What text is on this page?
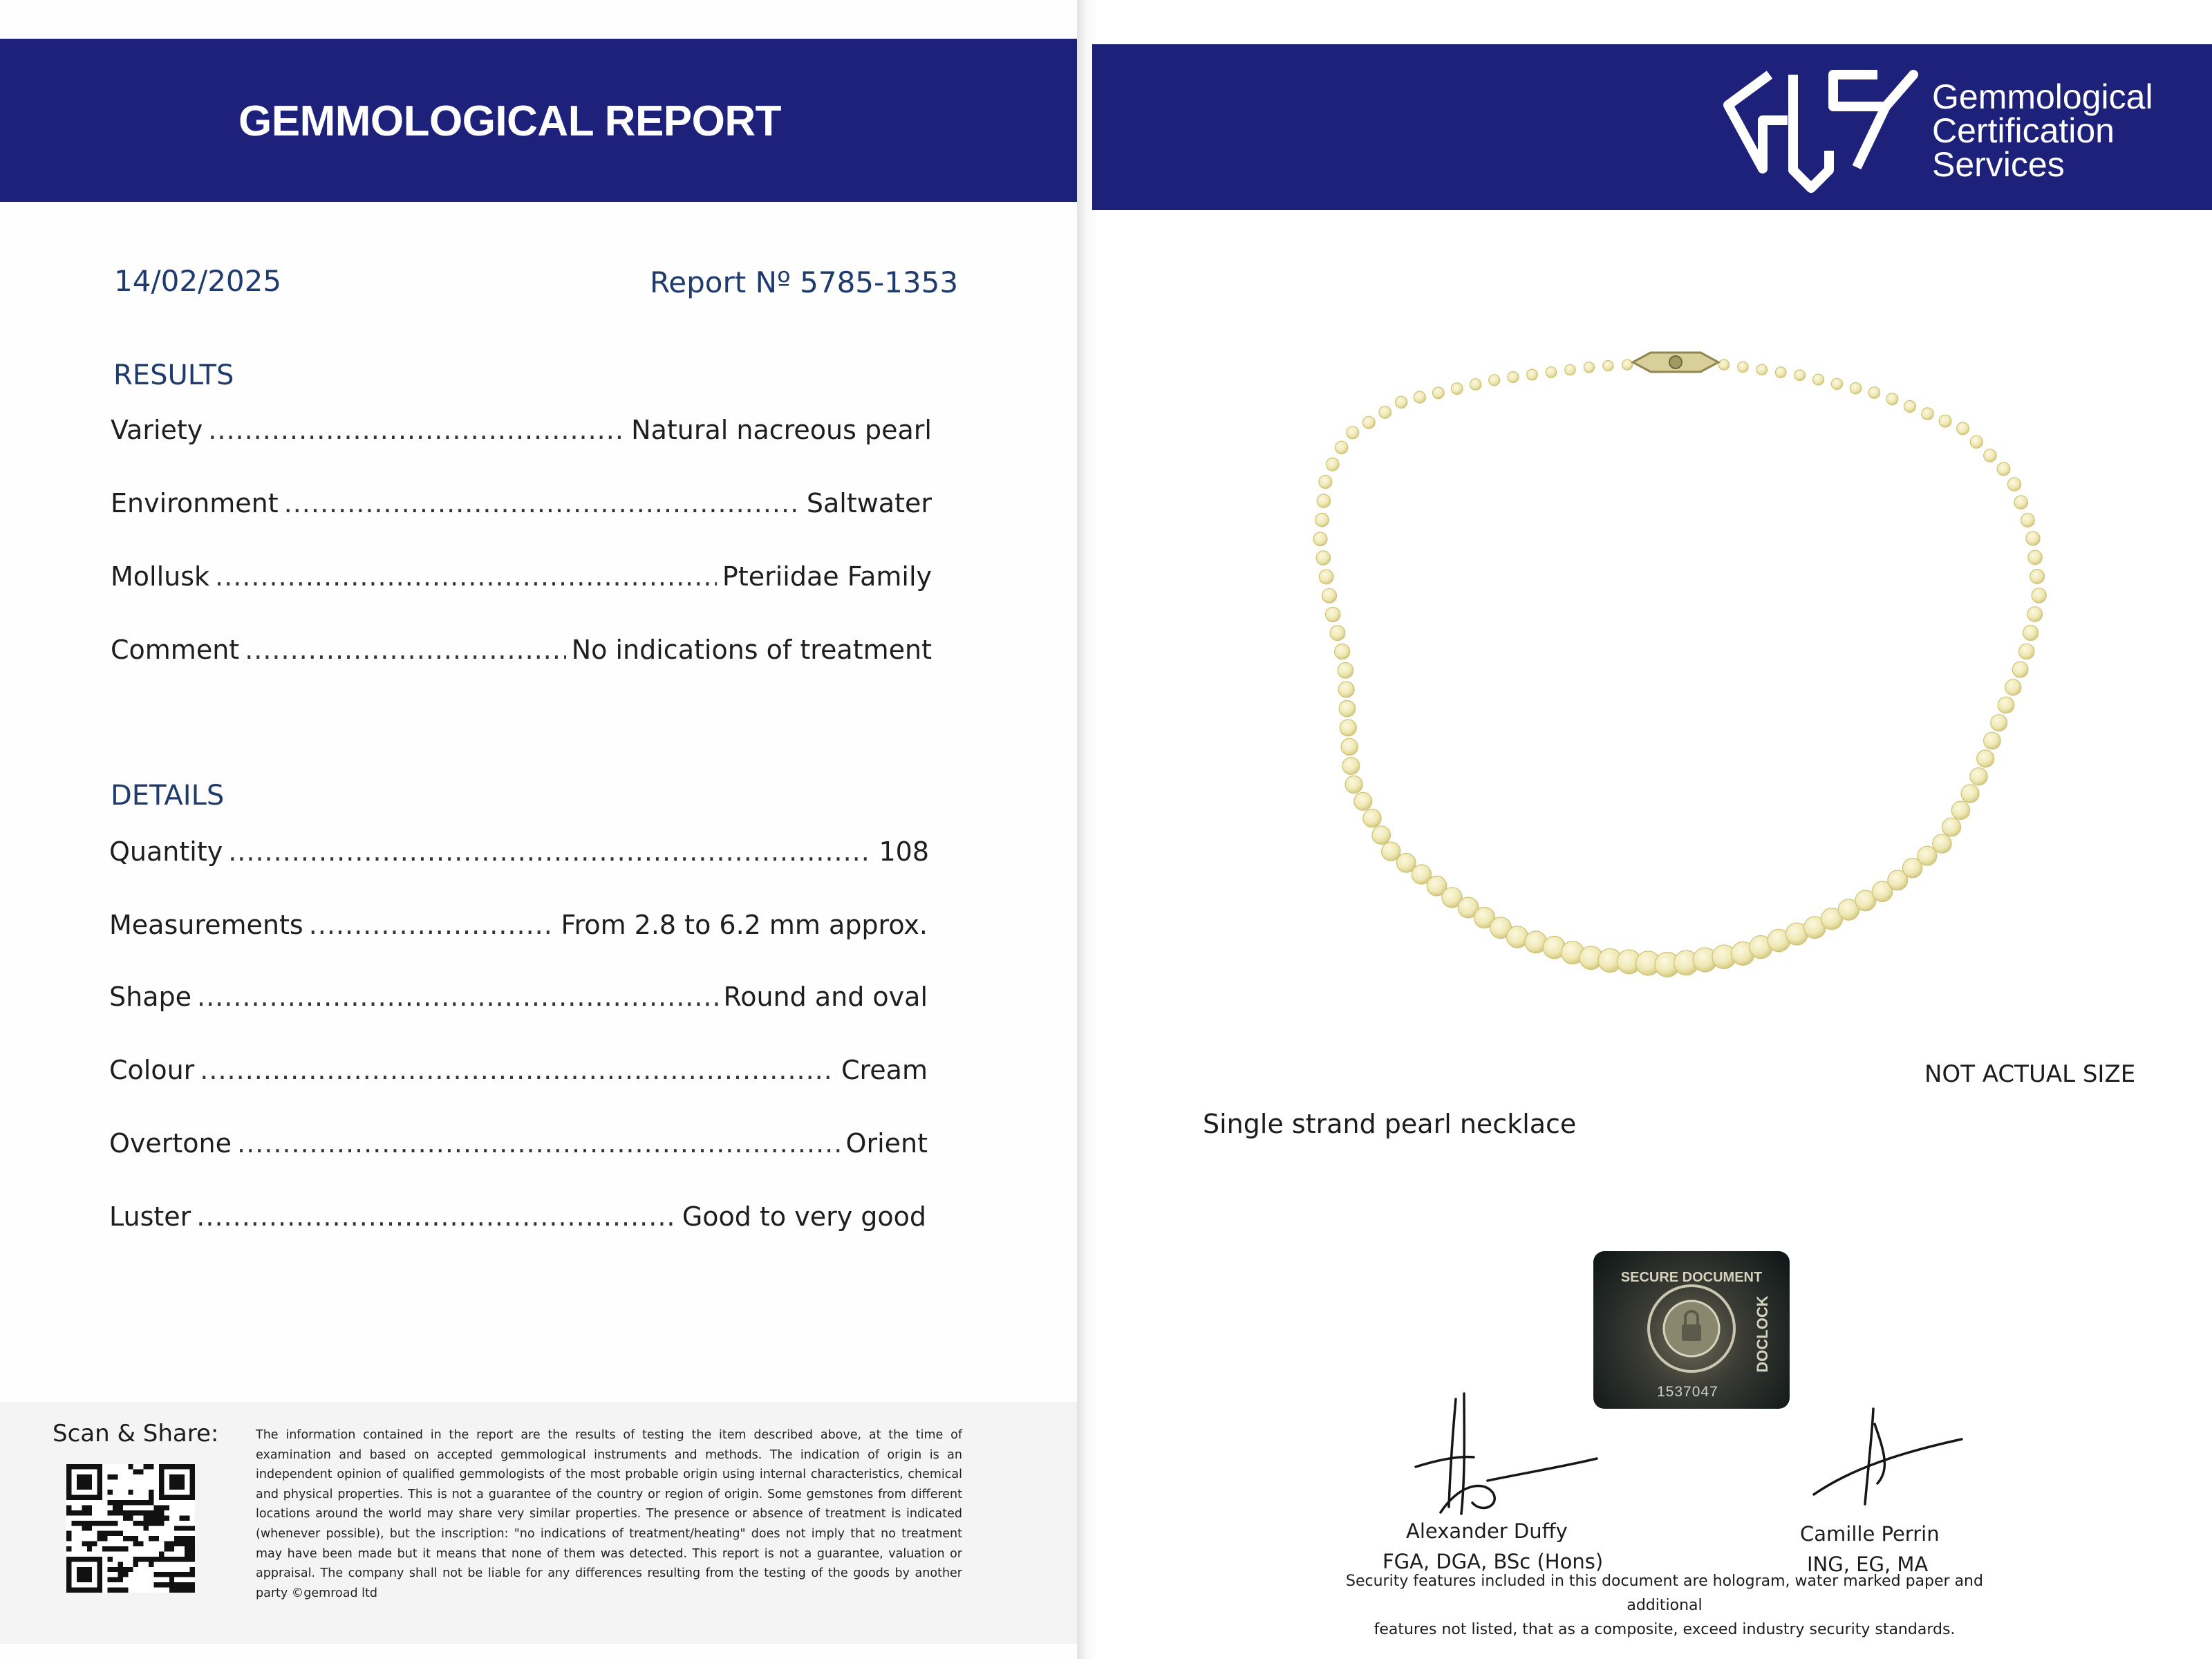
GEMMOLOGICAL REPORT
14/02/2025	Report Nº 5785-1353
RESULTS
Variety .....	Natural nacreous pearl
Environment .....	Saltwater
Mollusk .....	Pteriidae Family
Comment .....	No indications of treatment
DETAILS
Quantity .....	108
Measurements .....	From 2.8 to 6.2 mm approx.
Shape .....	Round and oval
Colour .....	Cream
Overtone .....	Orient
Luster .....	Good to very good
Scan & Share:	The information contained in the report are the results of testing the item described above, at the time of examination and based on accepted gemmological instruments and methods. The indication of origin is an independent opinion of qualified gemmologists of the most probable origin using internal characteristics, chemical and physical properties. This is not a guarantee of the country or region of origin. Some gemstones from different locations around the world may share very similar properties. The presence or absence of treatment is indicated (whenever possible), but the inscription: "no indications of treatment/heating" does not imply that no treatment may have been made but it means that none of them was detected. This report is not a guarantee, valuation or appraisal. The company shall not be liable for any differences resulting from the testing of the goods by another party ©gemroad ltd
Gemmological
Certification
Services
NOT ACTUAL SIZE
Single strand pearl necklace
SECURE DOCUMENT
DOCLOCK
1537047
Alexander Duffy
FGA, DGA, BSc (Hons)
Camille Perrin
ING, EG, MA
Security features included in this document are hologram, water marked paper and additional
features not listed, that as a composite, exceed industry security standards.
